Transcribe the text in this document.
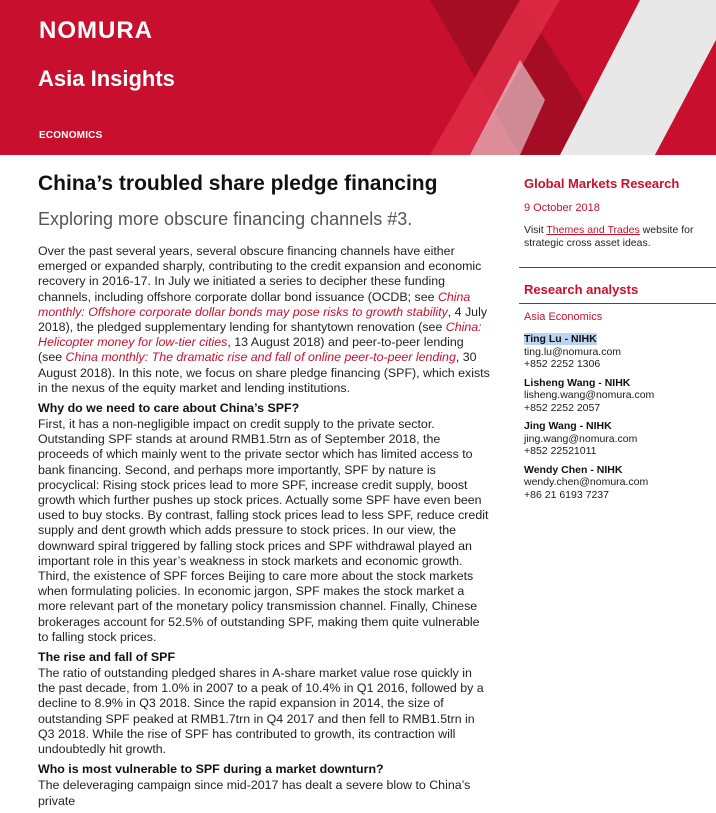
NOMURA
Asia Insights
ECONOMICS
China’s troubled share pledge financing
Exploring more obscure financing channels #3.

Over the past several years, several obscure financing channels have either emerged or expanded sharply, contributing to the credit expansion and economic recovery in 2016-17. In July we initiated a series to decipher these funding channels, including offshore corporate dollar bond issuance (OCDB; see China monthly: Offshore corporate dollar bonds may pose risks to growth stability, 4 July 2018), the pledged supplementary lending for shantytown renovation (see China: Helicopter money for low-tier cities, 13 August 2018) and peer-to-peer lending (see China monthly: The dramatic rise and fall of online peer-to-peer lending, 30 August 2018). In this note, we focus on share pledge financing (SPF), which exists in the nexus of the equity market and lending institutions.

Why do we need to care about China’s SPF?

First, it has a non-negligible impact on credit supply to the private sector. Outstanding SPF stands at around RMB1.5trn as of September 2018, the proceeds of which mainly went to the private sector which has limited access to bank financing. Second, and perhaps more importantly, SPF by nature is procyclical: Rising stock prices lead to more SPF, increase credit supply, boost growth which further pushes up stock prices. Actually some SPF have even been used to buy stocks. By contrast, falling stock prices lead to less SPF, reduce credit supply and dent growth which adds pressure to stock prices. In our view, the downward spiral triggered by falling stock prices and SPF withdrawal played an important role in this year’s weakness in stock markets and economic growth. Third, the existence of SPF forces Beijing to care more about the stock markets when formulating policies. In economic jargon, SPF makes the stock market a more relevant part of the monetary policy transmission channel. Finally, Chinese brokerages account for 52.5% of outstanding SPF, making them quite vulnerable to falling stock prices.

The rise and fall of SPF

The ratio of outstanding pledged shares in A-share market value rose quickly in the past decade, from 1.0% in 2007 to a peak of 10.4% in Q1 2016, followed by a decline to 8.9% in Q3 2018. Since the rapid expansion in 2014, the size of outstanding SPF peaked at RMB1.7trn in Q4 2017 and then fell to RMB1.5trn in Q3 2018. While the rise of SPF has contributed to growth, its contraction will undoubtedly hit growth.

Who is most vulnerable to SPF during a market downturn?

The deleveraging campaign since mid-2017 has dealt a severe blow to China’s private

Global Markets Research
9 October 2018
Visit Themes and Trades website for strategic cross asset ideas.
Research analysts
Asia Economics
Ting Lu - NIHK
ting.lu@nomura.com
+852 2252 1306
Lisheng Wang - NIHK
lisheng.wang@nomura.com
+852 2252 2057
Jing Wang - NIHK
jing.wang@nomura.com
+852 22521011
Wendy Chen - NIHK
wendy.chen@nomura.com
+86 21 6193 7237
